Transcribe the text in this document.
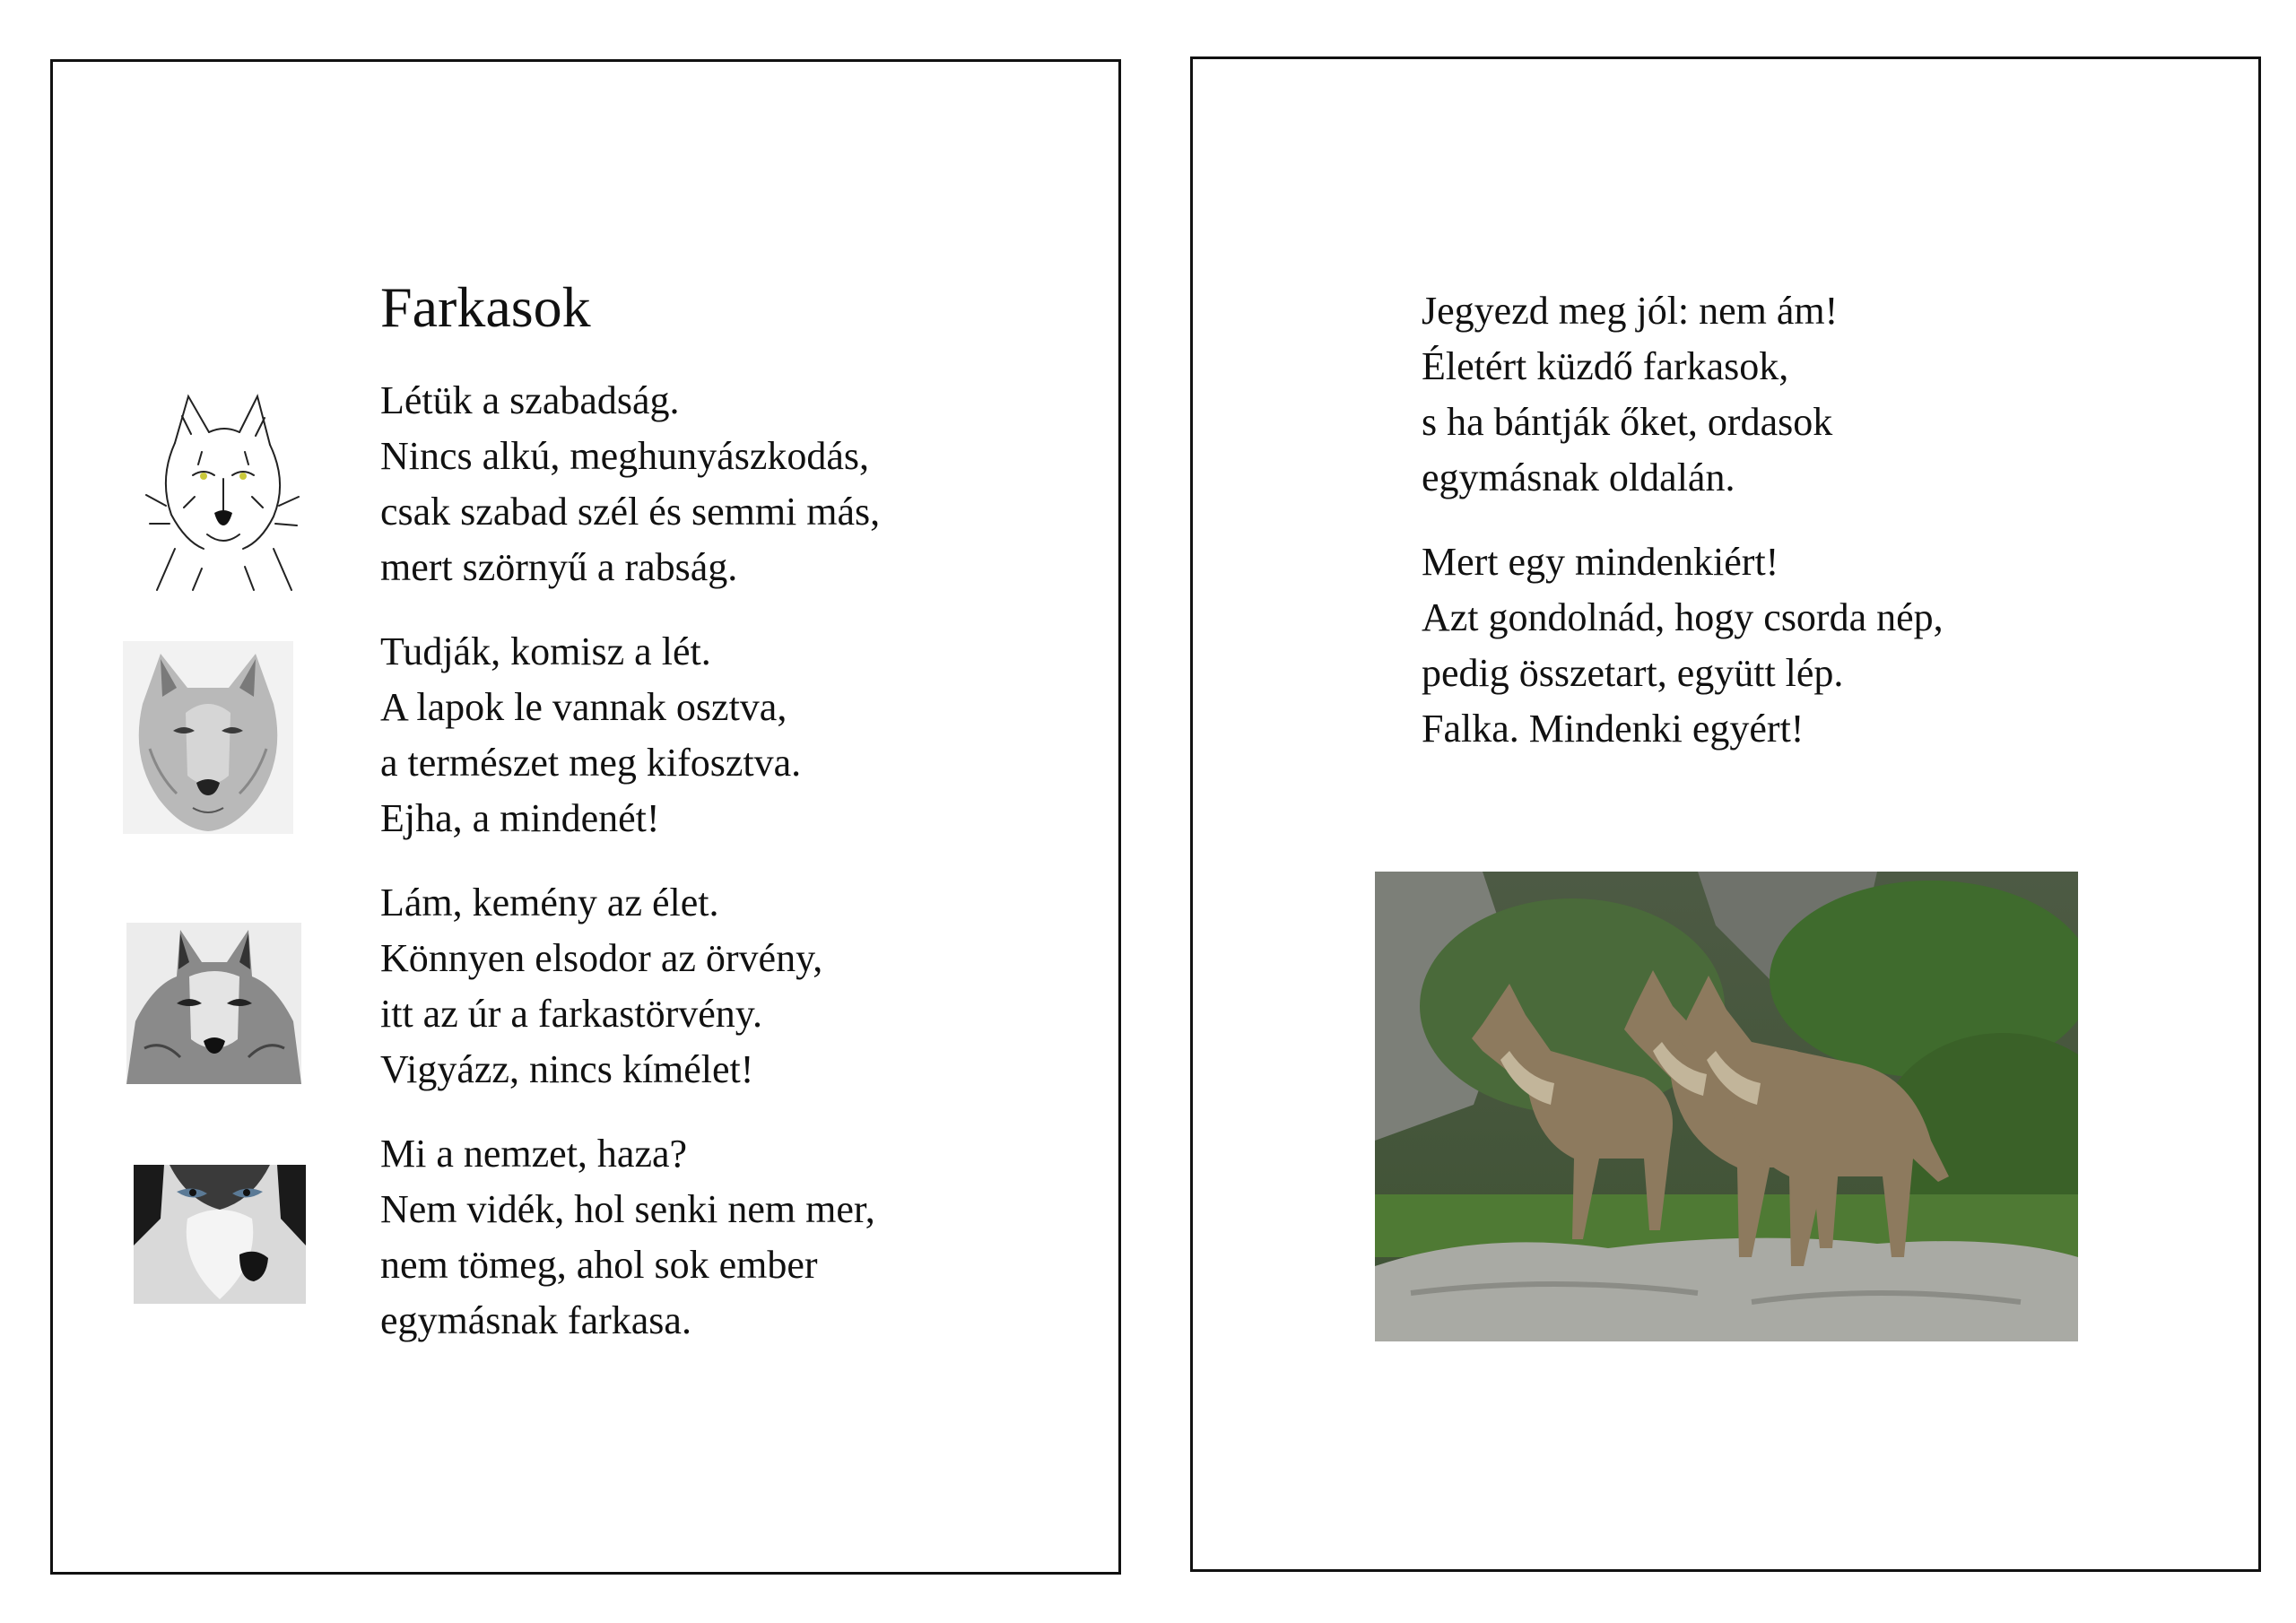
Farkasok
Létük a szabadság.
Nincs alkú, meghunyászkodás,
csak szabad szél és semmi más,
mert szörnyű a rabság.
Tudják, komisz a lét.
A lapok le vannak osztva,
a természet meg kifosztva.
Ejha, a mindenét!
Lám, kemény az élet.
Könnyen elsodor az örvény,
itt az úr a farkastörvény.
Vigyázz, nincs kímélet!
Mi a nemzet, haza?
Nem vidék, hol senki nem mer,
nem tömeg, ahol sok ember
egymásnak farkasa.
Jegyezd meg jól: nem ám!
Életért küzdő farkasok,
s ha bántják őket, ordasok
egymásnak oldalán.
Mert egy mindenkiért!
Azt gondolnád, hogy csorda nép,
pedig összetart, együtt lép.
Falka. Mindenki egyért!
